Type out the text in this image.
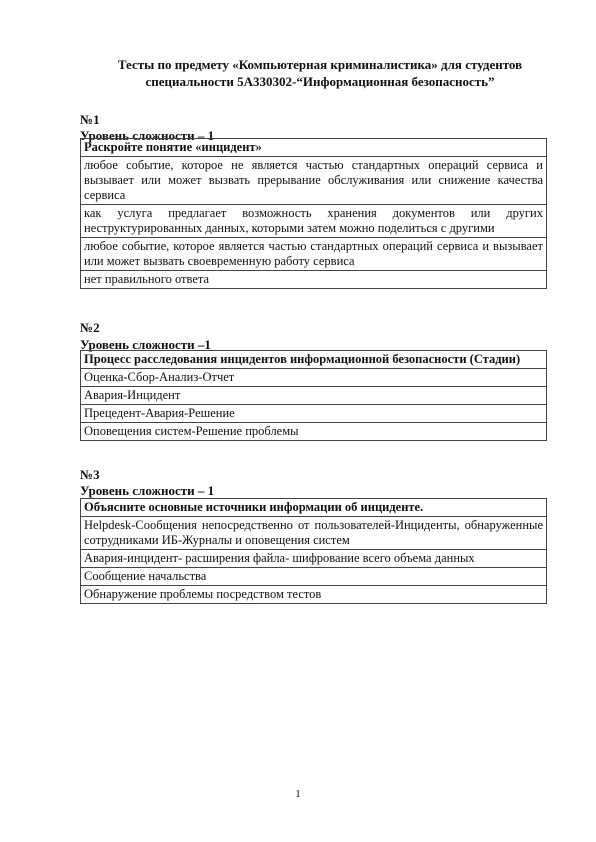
Тесты по предмету «Компьютерная криминалистика» для студентов
специальности 5А330302-“Информационная безопасность”
№1
Уровень сложности – 1
Раскройте понятие «инцидент»
любое событие, которое не является частью стандартных операций сервиса и вызывает или может вызвать прерывание обслуживания или снижение качества сервиса
как услуга предлагает возможность хранения документов или других неструктурированных данных, которыми затем можно поделиться с другими
любое событие, которое является частью стандартных операций сервиса и вызывает или может вызвать своевременную работу сервиса
нет правильного ответа
№2
Уровень сложности –1
Процесс расследования инцидентов информационной безопасности (Стадии)
Оценка-Сбор-Анализ-Отчет
Авария-Инцидент
Прецедент-Авария-Решение
Оповещения систем-Решение проблемы
№3
Уровень сложности – 1
Объясните основные источники информации об инциденте.
Helpdesk-Сообщения непосредственно от пользователей-Инциденты, обнаруженные сотрудниками ИБ-Журналы и оповещения систем
Авария-инцидент- расширения файла- шифрование всего объема данных
Сообщение начальства
Обнаружение проблемы посредством тестов
1
